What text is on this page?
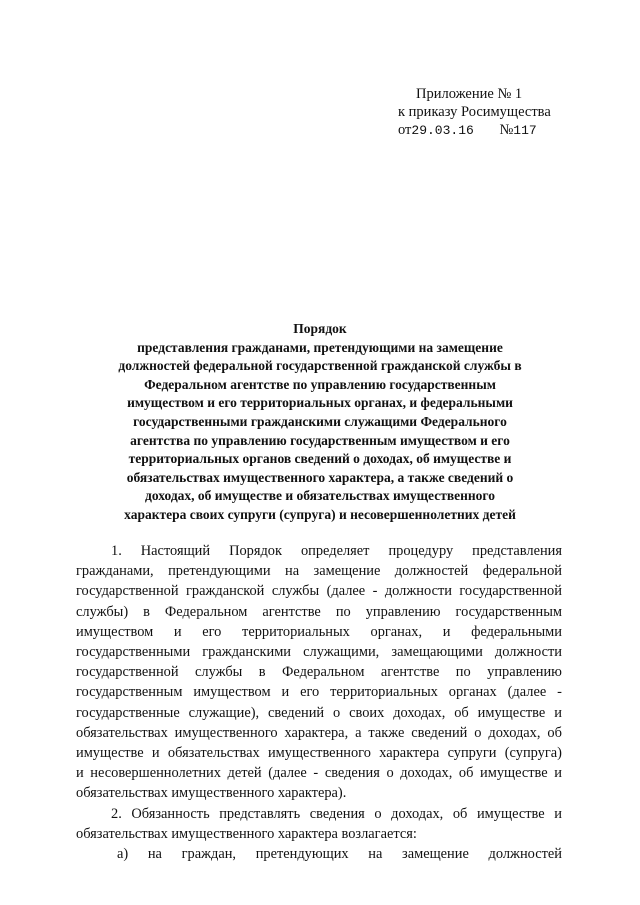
Приложение № 1
к приказу Росимущества
от29.03.16 №117
Порядок
представления гражданами, претендующими на замещение
должностей федеральной государственной гражданской службы в
Федеральном агентстве по управлению государственным
имуществом и его территориальных органах, и федеральными
государственными гражданскими служащими Федерального
агентства по управлению государственным имуществом и его
территориальных органов сведений о доходах, об имуществе и
обязательствах имущественного характера, а также сведений о
доходах, об имуществе и обязательствах имущественного
характера своих супруги (супруга) и несовершеннолетних детей
1. Настоящий Порядок определяет процедуру представления
гражданами, претендующими на замещение должностей федеральной
государственной гражданской службы (далее - должности государственной
службы) в Федеральном агентстве по управлению государственным
имуществом и его территориальных органах, и федеральными
государственными гражданскими служащими, замещающими должности
государственной службы в Федеральном агентстве по управлению
государственным имуществом и его территориальных органах (далее -
государственные служащие), сведений о своих доходах, об имуществе и
обязательствах имущественного характера, а также сведений о доходах, об
имуществе и обязательствах имущественного характера супруги (супруга)
и несовершеннолетних детей (далее - сведения о доходах, об имуществе и
обязательствах имущественного характера).
2. Обязанность представлять сведения о доходах, об имуществе и
обязательствах имущественного характера возлагается:
а) на граждан, претендующих на замещение должностей
